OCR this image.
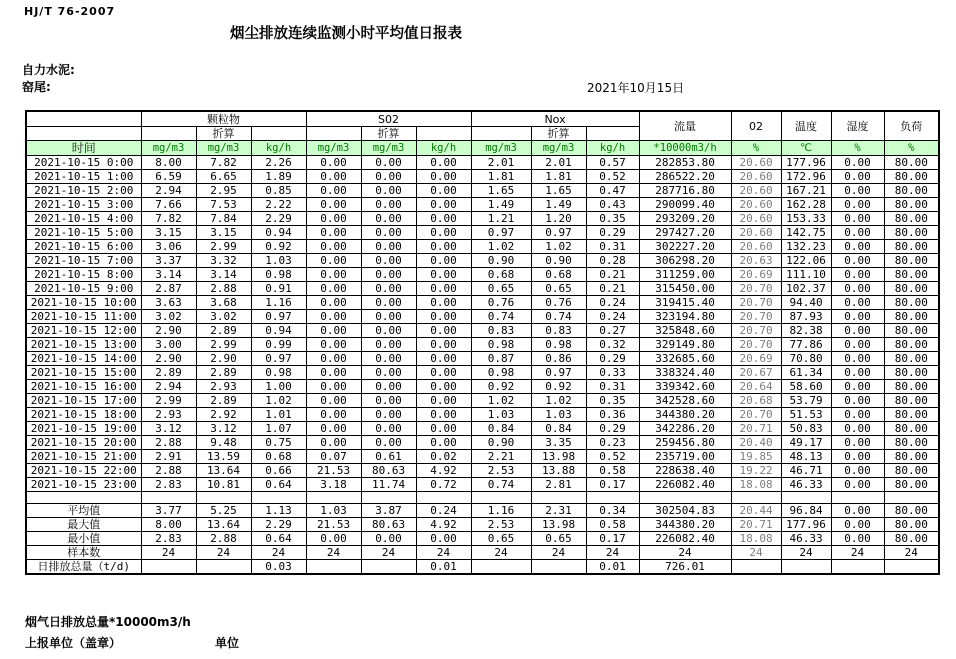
HJ/T 76-2007
烟尘排放连续监测小时平均值日报表
自力水泥:
窑尾:	2021年10月15日
	颗粒物			S02			Nox			流量	02	温度	湿度	负荷
		折算			折算			折算						
时间	mg/m3	mg/m3	kg/h	mg/m3	mg/m3	kg/h	mg/m3	mg/m3	kg/h	*10000m3/h	%	℃	%	%
2021-10-15 0:00	8.00	7.82	2.26	0.00	0.00	0.00	2.01	2.01	0.57	282853.80	20.60	177.96	0.00	80.00
2021-10-15 1:00	6.59	6.65	1.89	0.00	0.00	0.00	1.81	1.81	0.52	286522.20	20.60	172.96	0.00	80.00
2021-10-15 2:00	2.94	2.95	0.85	0.00	0.00	0.00	1.65	1.65	0.47	287716.80	20.60	167.21	0.00	80.00
2021-10-15 3:00	7.66	7.53	2.22	0.00	0.00	0.00	1.49	1.49	0.43	290099.40	20.60	162.28	0.00	80.00
2021-10-15 4:00	7.82	7.84	2.29	0.00	0.00	0.00	1.21	1.20	0.35	293209.20	20.60	153.33	0.00	80.00
2021-10-15 5:00	3.15	3.15	0.94	0.00	0.00	0.00	0.97	0.97	0.29	297427.20	20.60	142.75	0.00	80.00
2021-10-15 6:00	3.06	2.99	0.92	0.00	0.00	0.00	1.02	1.02	0.31	302227.20	20.60	132.23	0.00	80.00
2021-10-15 7:00	3.37	3.32	1.03	0.00	0.00	0.00	0.90	0.90	0.28	306298.20	20.63	122.06	0.00	80.00
2021-10-15 8:00	3.14	3.14	0.98	0.00	0.00	0.00	0.68	0.68	0.21	311259.00	20.69	111.10	0.00	80.00
2021-10-15 9:00	2.87	2.88	0.91	0.00	0.00	0.00	0.65	0.65	0.21	315450.00	20.70	102.37	0.00	80.00
2021-10-15 10:00	3.63	3.68	1.16	0.00	0.00	0.00	0.76	0.76	0.24	319415.40	20.70	94.40	0.00	80.00
2021-10-15 11:00	3.02	3.02	0.97	0.00	0.00	0.00	0.74	0.74	0.24	323194.80	20.70	87.93	0.00	80.00
2021-10-15 12:00	2.90	2.89	0.94	0.00	0.00	0.00	0.83	0.83	0.27	325848.60	20.70	82.38	0.00	80.00
2021-10-15 13:00	3.00	2.99	0.99	0.00	0.00	0.00	0.98	0.98	0.32	329149.80	20.70	77.86	0.00	80.00
2021-10-15 14:00	2.90	2.90	0.97	0.00	0.00	0.00	0.87	0.86	0.29	332685.60	20.69	70.80	0.00	80.00
2021-10-15 15:00	2.89	2.89	0.98	0.00	0.00	0.00	0.98	0.97	0.33	338324.40	20.67	61.34	0.00	80.00
2021-10-15 16:00	2.94	2.93	1.00	0.00	0.00	0.00	0.92	0.92	0.31	339342.60	20.64	58.60	0.00	80.00
2021-10-15 17:00	2.99	2.89	1.02	0.00	0.00	0.00	1.02	1.02	0.35	342528.60	20.68	53.79	0.00	80.00
2021-10-15 18:00	2.93	2.92	1.01	0.00	0.00	0.00	1.03	1.03	0.36	344380.20	20.70	51.53	0.00	80.00
2021-10-15 19:00	3.12	3.12	1.07	0.00	0.00	0.00	0.84	0.84	0.29	342286.20	20.71	50.83	0.00	80.00
2021-10-15 20:00	2.88	9.48	0.75	0.00	0.00	0.00	0.90	3.35	0.23	259456.80	20.40	49.17	0.00	80.00
2021-10-15 21:00	2.91	13.59	0.68	0.07	0.61	0.02	2.21	13.98	0.52	235719.00	19.85	48.13	0.00	80.00
2021-10-15 22:00	2.88	13.64	0.66	21.53	80.63	4.92	2.53	13.88	0.58	228638.40	19.22	46.71	0.00	80.00
2021-10-15 23:00	2.83	10.81	0.64	3.18	11.74	0.72	0.74	2.81	0.17	226082.40	18.08	46.33	0.00	80.00

平均值	3.77	5.25	1.13	1.03	3.87	0.24	1.16	2.31	0.34	302504.83	20.44	96.84	0.00	80.00
最大值	8.00	13.64	2.29	21.53	80.63	4.92	2.53	13.98	0.58	344380.20	20.71	177.96	0.00	80.00
最小值	2.83	2.88	0.64	0.00	0.00	0.00	0.65	0.65	0.17	226082.40	18.08	46.33	0.00	80.00
样本数	24	24	24	24	24	24	24	24	24	24	24	24	24	24
日排放总量（t/d)			0.03			0.01			0.01	726.01				
烟气日排放总量*10000m3/h
上报单位（盖章）	单位
